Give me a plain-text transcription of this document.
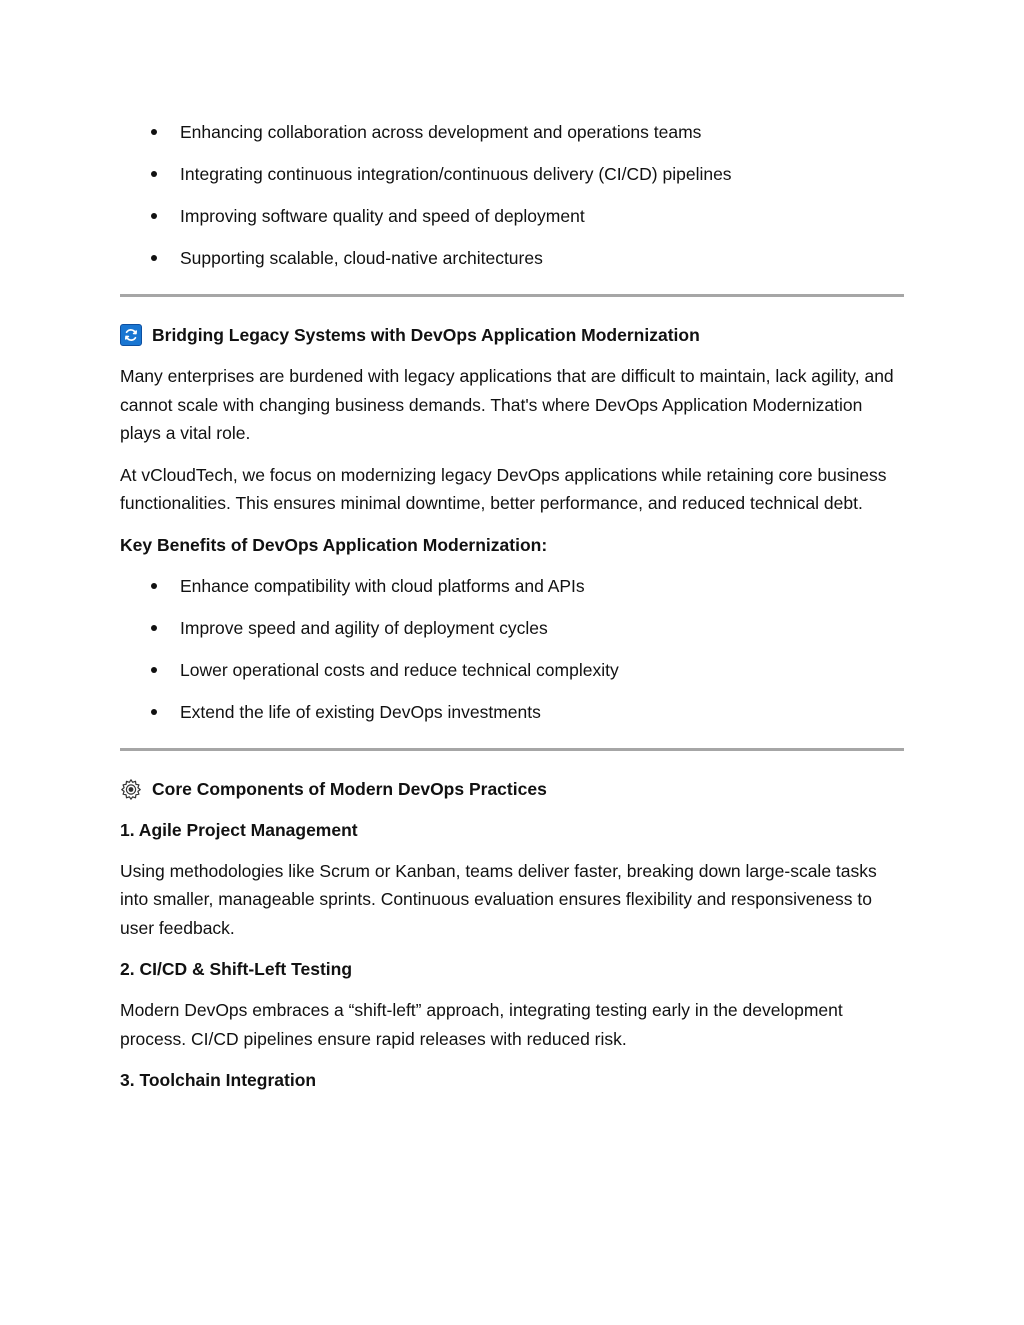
Enhancing collaboration across development and operations teams
Integrating continuous integration/continuous delivery (CI/CD) pipelines
Improving software quality and speed of deployment
Supporting scalable, cloud-native architectures
Bridging Legacy Systems with DevOps Application Modernization

Many enterprises are burdened with legacy applications that are difficult to maintain, lack agility, and cannot scale with changing business demands. That's where DevOps Application Modernization plays a vital role.

At vCloudTech, we focus on modernizing legacy DevOps applications while retaining core business functionalities. This ensures minimal downtime, better performance, and reduced technical debt.

Key Benefits of DevOps Application Modernization:

Enhance compatibility with cloud platforms and APIs
Improve speed and agility of deployment cycles
Lower operational costs and reduce technical complexity
Extend the life of existing DevOps investments
Core Components of Modern DevOps Practices

1. Agile Project Management

Using methodologies like Scrum or Kanban, teams deliver faster, breaking down large-scale tasks into smaller, manageable sprints. Continuous evaluation ensures flexibility and responsiveness to user feedback.

2. CI/CD & Shift-Left Testing

Modern DevOps embraces a “shift-left” approach, integrating testing early in the development process. CI/CD pipelines ensure rapid releases with reduced risk.

3. Toolchain Integration
